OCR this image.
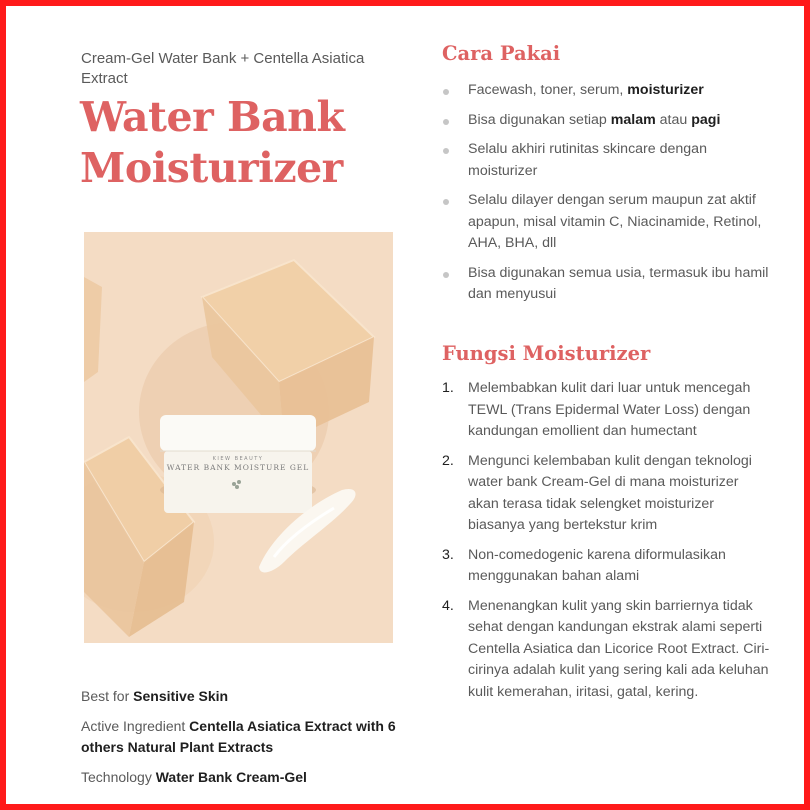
Cream-Gel Water Bank + Centella Asiatica Extract
Water Bank Moisturizer
KIEW BEAUTY
WATER BANK MOISTURE GEL
Best for Sensitive Skin
Active Ingredient Centella Asiatica Extract with 6 others Natural Plant Extracts
Technology Water Bank Cream-Gel
Cara Pakai
Facewash, toner, serum, moisturizer
Bisa digunakan setiap malam atau pagi
Selalu akhiri rutinitas skincare dengan moisturizer
Selalu dilayer dengan serum maupun zat aktif apapun, misal vitamin C, Niacinamide, Retinol, AHA, BHA, dll
Bisa digunakan semua usia, termasuk ibu hamil dan menyusui
Fungsi Moisturizer
1. Melembabkan kulit dari luar untuk mencegah TEWL (Trans Epidermal Water Loss) dengan kandungan emollient dan humectant
2. Mengunci kelembaban kulit dengan teknologi water bank Cream-Gel di mana moisturizer akan terasa tidak selengket moisturizer biasanya yang bertekstur krim
3. Non-comedogenic karena diformulasikan menggunakan bahan alami
4. Menenangkan kulit yang skin barriernya tidak sehat dengan kandungan ekstrak alami seperti Centella Asiatica dan Licorice Root Extract. Ciri-cirinya adalah kulit yang sering kali ada keluhan kulit kemerahan, iritasi, gatal, kering.
